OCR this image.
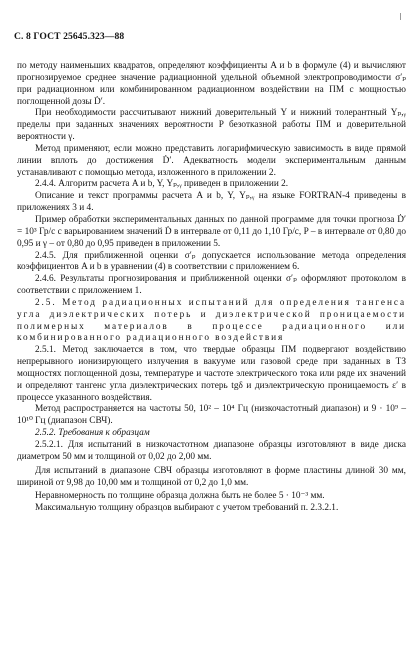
С. 8 ГОСТ 25645.323—88

по методу наименьших квадратов, определяют коэффициенты A и b в формуле (4) и вычисляют прогнозируемое среднее значение радиационной удельной объемной электропроводимости σ′ₚ при радиационном или комбинированном радиационном воздействии на ПМ с мощностью поглощенной дозы Ḋ′.

При необходимости рассчитывают нижний доверительный Y и нижний толерантный Yₚ,ᵧ пределы при заданных значениях вероятности P безотказной работы ПМ и доверительной вероятности γ.

Метод применяют, если можно представить логарифмическую зависимость в виде прямой линии вплоть до достижения Ḋ′. Адекватность модели экспериментальным данным устанавливают с помощью метода, изложенного в приложении 2.

2.4.4. Алгоритм расчета A и b, Y, Yₚ,ᵧ приведен в приложении 2.

Описание и текст программы расчета A и b, Y, Yₚ,ᵧ на языке FORTRAN-4 приведены в приложениях 3 и 4.

Пример обработки экспериментальных данных по данной программе для точки прогноза Ḋ′ = 10³ Гр/с с варьированием значений Ḋ в интервале от 0,11 до 1,10 Гр/с, P – в интервале от 0,80 до 0,95 и γ – от 0,80 до 0,95 приведен в приложении 5.

2.4.5. Для приближенной оценки σ′ₚ допускается использование метода определения коэффициентов A и b в уравнении (4) в соответствии с приложением 6.

2.4.6. Результаты прогнозирования и приближенной оценки σ′ₚ оформляют протоколом в соответствии с приложением 1.

2.5. Метод радиационных испытаний для определения тангенса угла диэлектрических потерь и диэлектрической проницаемости полимерных материалов в процессе радиационного или комбинированного радиационного воздействия

2.5.1. Метод заключается в том, что твердые образцы ПМ подвергают воздействию непрерывного ионизирующего излучения в вакууме или газовой среде при заданных в ТЗ мощностях поглощенной дозы, температуре и частоте электрического тока или ряде их значений и определяют тангенс угла диэлектрических потерь tgδ и диэлектрическую проницаемость ε′ в процессе указанного воздействия.

Метод распространяется на частоты 50, 10² – 10⁴ Гц (низкочастотный диапазон) и 9 · 10⁹ – 10¹⁰ Гц (диапазон СВЧ).

2.5.2. Требования к образцам

2.5.2.1. Для испытаний в низкочастотном диапазоне образцы изготовляют в виде диска диаметром 50 мм и толщиной от 0,02 до 2,00 мм.

Для испытаний в диапазоне СВЧ образцы изготовляют в форме пластины длиной 30 мм, шириной от 9,98 до 10,00 мм и толщиной от 0,2 до 1,0 мм.

Неравномерность по толщине образца должна быть не более 5 · 10⁻³ мм.

Максимальную толщину образцов выбирают с учетом требований п. 2.3.2.1.
